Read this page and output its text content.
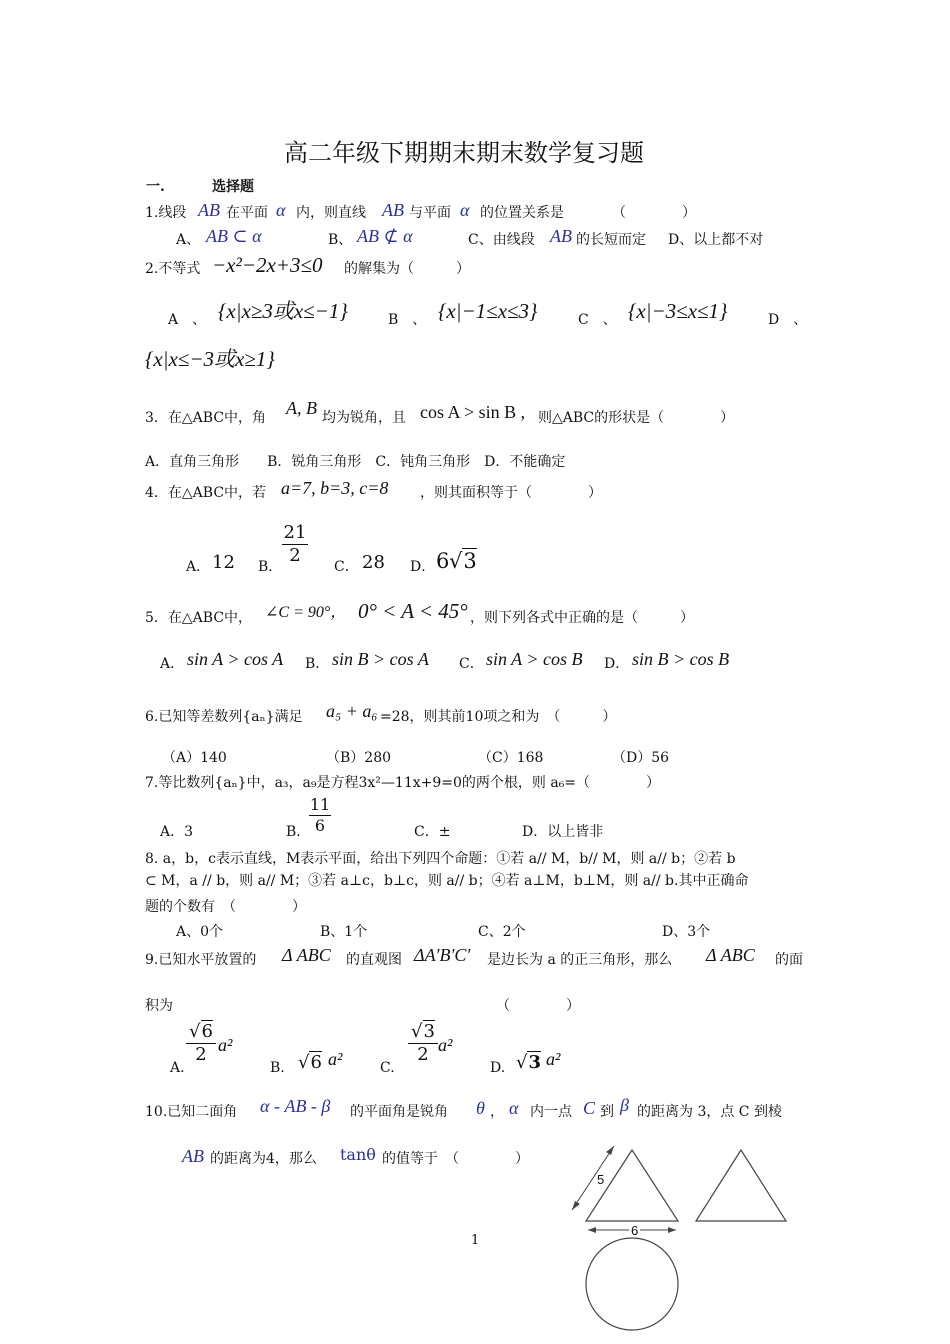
高二年级下期期末期末数学复习题
一.	选择题
1.线段 AB 在平面 α 内，则直线 AB 与平面 α 的位置关系是	（　　　　）
A、 AB ⊂ α	B、 AB ⊄ α	C、由线段 AB 的长短而定 D、以上都不对
2.不等式 −x²−2x+3≤0 的解集为（　　　）
A　、 {x|x≥3或x≤−1}	B　、 {x|−1≤x≤3}	C　、 {x|−3≤x≤1}	D　、
{x|x≤−3或x≥1}
3．在△ABC中，角 A, B 均为锐角，且 cos A > sin B , 则△ABC的形状是（　　　　）
A．直角三角形　　B．锐角三角形　C．钝角三角形　D．不能确定
4．在△ABC中，若 a=7, b=3, c=8 ，则其面积等于（　　　　）
A． 12 B．
21
2
C． 28 D． 6 √3
5．在△ABC中， ∠C = 90°， 0° < A < 45° ，则下列各式中正确的是（　　　）
A． sin A > cos A B． sin B > cos A C． sin A > cos B D． sin B > cos B
6.已知等差数列{aₙ}满足 a₅ + a₆ =28，则其前10项之和为　（　　　）
（A）140	（B）280	（C）168	（D）56
7.等比数列{aₙ}中，a₃，a₉是方程3x²—11x+9=0的两个根，则 a₆=（　　　　）
A．3	B．
11
6	C．±	D．以上皆非
8. a，b，c表示直线，M表示平面，给出下列四个命题：①若 a// M，b// M，则 a// b；②若 b
⊂ M，a // b，则 a// M；③若 a⊥c，b⊥c，则 a// b；④若 a⊥M，b⊥M，则 a// b.其中正确命
题的个数有　（　　　　）
A、0个	B、1个	C、2个	D、3个
9.已知水平放置的 Δ ABC 的直观图 ΔA′B′C′ 是边长为 a 的正三角形，那么 Δ ABC 的面
积为	（　　　　）
A.
√6
2 a²
B. √6 a²	C.
√3
2 a²
D. √3 a²
10.已知二面角 α - AB - β 的平面角是锐角 θ ， α 内一点 C 到 β 的距离为 3，点 C 到棱
AB 的距离为4，那么 tanθ 的值等于　（　　　　）
5
6
1
